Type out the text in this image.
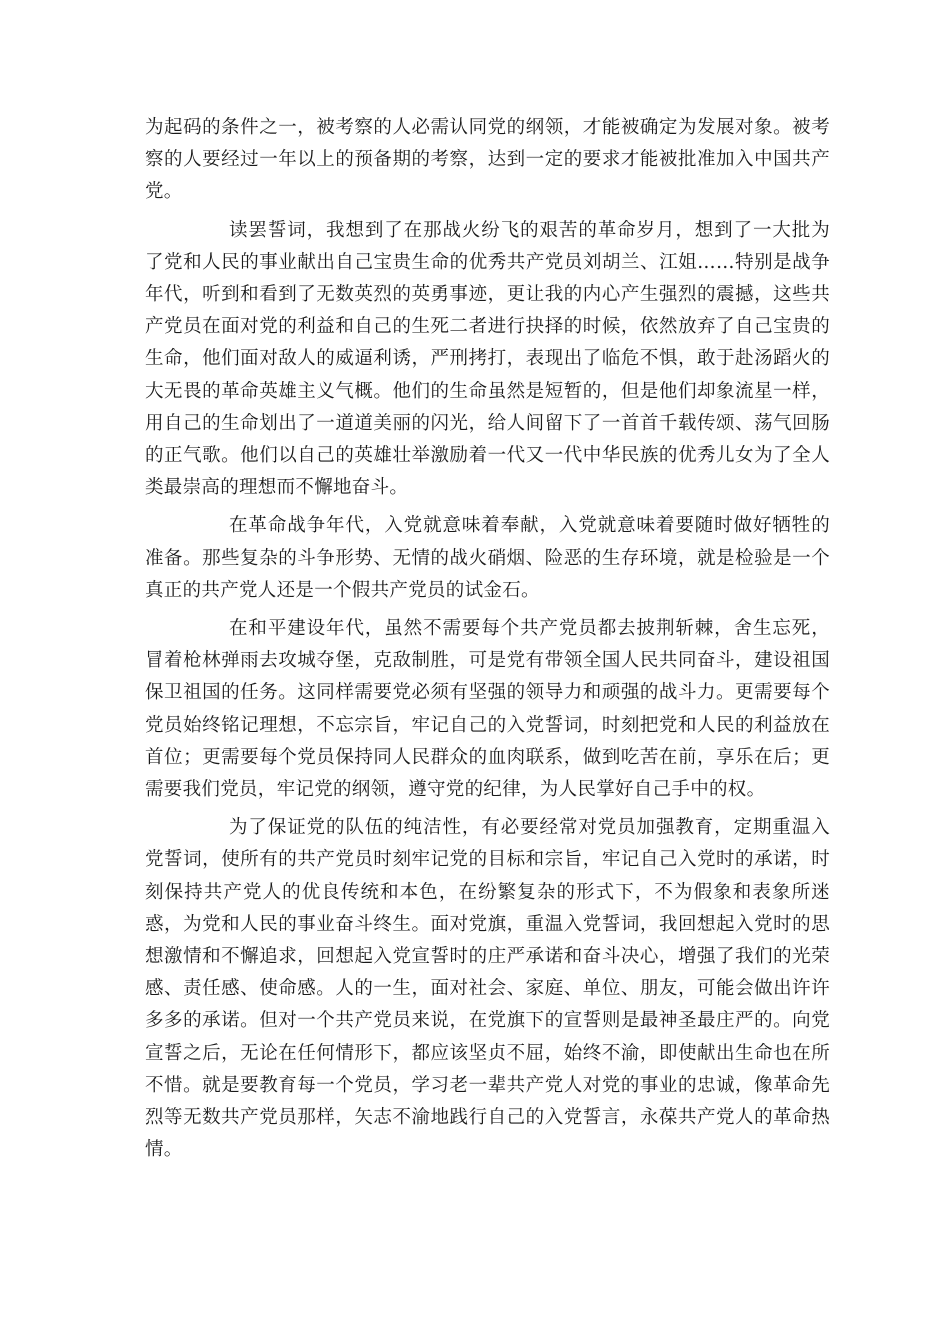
为起码的条件之一，被考察的人必需认同党的纲领，才能被确定为发展对象。被考察的人要经过一年以上的预备期的考察，达到一定的要求才能被批准加入中国共产党。

读罢誓词，我想到了在那战火纷飞的艰苦的革命岁月，想到了一大批为了党和人民的事业献出自己宝贵生命的优秀共产党员刘胡兰、江姐……特别是战争年代，听到和看到了无数英烈的英勇事迹，更让我的内心产生强烈的震撼，这些共产党员在面对党的利益和自己的生死二者进行抉择的时候，依然放弃了自己宝贵的生命，他们面对敌人的威逼利诱，严刑拷打，表现出了临危不惧，敢于赴汤蹈火的大无畏的革命英雄主义气概。他们的生命虽然是短暂的，但是他们却象流星一样，用自己的生命划出了一道道美丽的闪光，给人间留下了一首首千载传颂、荡气回肠的正气歌。他们以自己的英雄壮举激励着一代又一代中华民族的优秀儿女为了全人类最崇高的理想而不懈地奋斗。

在革命战争年代，入党就意味着奉献，入党就意味着要随时做好牺牲的准备。那些复杂的斗争形势、无情的战火硝烟、险恶的生存环境，就是检验是一个真正的共产党人还是一个假共产党员的试金石。

在和平建设年代，虽然不需要每个共产党员都去披荆斩棘，舍生忘死，冒着枪林弹雨去攻城夺堡，克敌制胜，可是党有带领全国人民共同奋斗，建设祖国保卫祖国的任务。这同样需要党必须有坚强的领导力和顽强的战斗力。更需要每个党员始终铭记理想，不忘宗旨，牢记自己的入党誓词，时刻把党和人民的利益放在首位；更需要每个党员保持同人民群众的血肉联系，做到吃苦在前，享乐在后；更需要我们党员，牢记党的纲领，遵守党的纪律，为人民掌好自己手中的权。

为了保证党的队伍的纯洁性，有必要经常对党员加强教育，定期重温入党誓词，使所有的共产党员时刻牢记党的目标和宗旨，牢记自己入党时的承诺，时刻保持共产党人的优良传统和本色，在纷繁复杂的形式下，不为假象和表象所迷惑，为党和人民的事业奋斗终生。面对党旗，重温入党誓词，我回想起入党时的思想激情和不懈追求，回想起入党宣誓时的庄严承诺和奋斗决心，增强了我们的光荣感、责任感、使命感。人的一生，面对社会、家庭、单位、朋友，可能会做出许许多多的承诺。但对一个共产党员来说，在党旗下的宣誓则是最神圣最庄严的。向党宣誓之后，无论在任何情形下，都应该坚贞不屈，始终不渝，即使献出生命也在所不惜。就是要教育每一个党员，学习老一辈共产党人对党的事业的忠诚，像革命先烈等无数共产党员那样，矢志不渝地践行自己的入党誓言，永葆共产党人的革命热情。
